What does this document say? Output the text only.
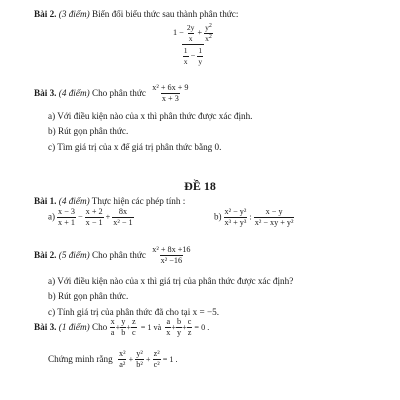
Bài 2. (3 điểm) Biến đổi biểu thức sau thành phân thức:
$\frac{1 - \frac{2y}{x} + \frac{y^2}{x^2}}{\frac{1}{x} - \frac{1}{y}}$
Bài 3. (4 điểm) Cho phân thức $\frac{\text{x² + 6x + 9}}{x + 3}$
a) Với điều kiện nào của x thì phân thức được xác định.
b) Rút gọn phân thức.
c) Tìm giá trị của x để giá trị phân thức bằng 0.
ĐỀ 18
Bài 1. (4 điểm) Thực hiện các phép tính :
$a) \frac{x - 3}{x + 1} - \frac{x + 2}{x - 1} + \frac{8x}{\text{x² − 1}}$	$b) \frac{\text{x² − y²}}{\text{x³ + y³}}$ : $\frac{x - y}{\text{x² − xy + y²}}$
Bài 2. (5 điểm) Cho phân thức $\frac{\text{x² + 8x +16}}{\text{x² −16}}$
a) Với điều kiện nào của x thì giá trị của phân thức được xác định?
b) Rút gọn phân thức.
c) Tính giá trị của phân thức đã cho tại x = −5.
Bài 3. (1 điểm) Cho $\frac{x}{a} + \frac{y}{b} + \frac{z}{c} = 1$ và $\frac{a}{x} + \frac{b}{y} + \frac{c}{z} = 0$ .
Chứng minh rằng $\frac{\text{x²}}{\text{a²}} + \frac{\text{y²}}{\text{b²}} + \frac{\text{z²}}{\text{c²}} = 1$ .
